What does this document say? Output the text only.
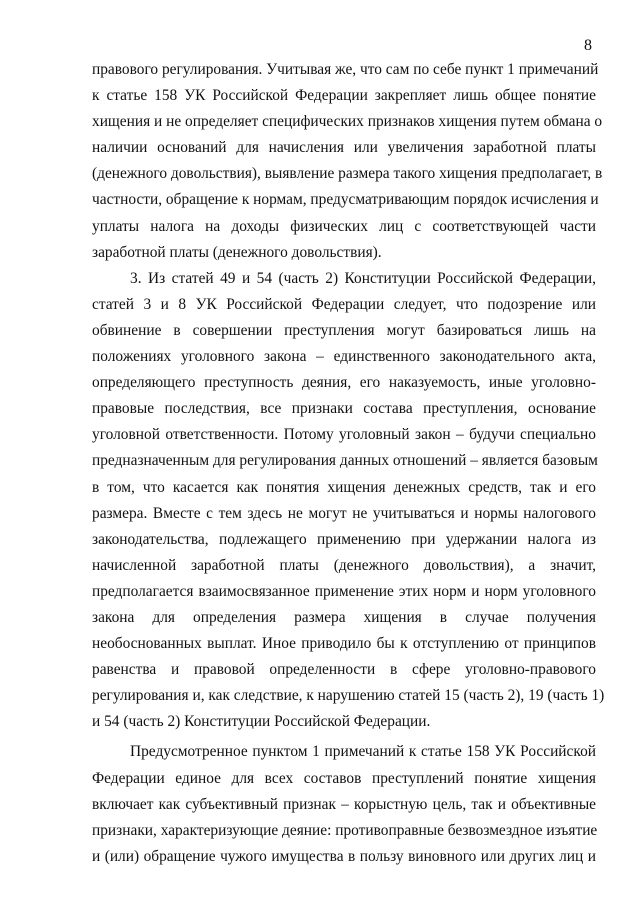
8
правового регулирования. Учитывая же, что сам по себе пункт 1 примечаний
к статье 158 УК Российской Федерации закрепляет лишь общее понятие
хищения и не определяет специфических признаков хищения путем обмана о
наличии оснований для начисления или увеличения заработной платы
(денежного довольствия), выявление размера такого хищения предполагает, в
частности, обращение к нормам, предусматривающим порядок исчисления и
уплаты налога на доходы физических лиц с соответствующей части
заработной платы (денежного довольствия).
3. Из статей 49 и 54 (часть 2) Конституции Российской Федерации,
статей 3 и 8 УК Российской Федерации следует, что подозрение или
обвинение в совершении преступления могут базироваться лишь на
положениях уголовного закона – единственного законодательного акта,
определяющего преступность деяния, его наказуемость, иные уголовно-
правовые последствия, все признаки состава преступления, основание
уголовной ответственности. Потому уголовный закон – будучи специально
предназначенным для регулирования данных отношений – является базовым
в том, что касается как понятия хищения денежных средств, так и его
размера. Вместе с тем здесь не могут не учитываться и нормы налогового
законодательства, подлежащего применению при удержании налога из
начисленной заработной платы (денежного довольствия), а значит,
предполагается взаимосвязанное применение этих норм и норм уголовного
закона для определения размера хищения в случае получения
необоснованных выплат. Иное приводило бы к отступлению от принципов
равенства и правовой определенности в сфере уголовно-правового
регулирования и, как следствие, к нарушению статей 15 (часть 2), 19 (часть 1)
и 54 (часть 2) Конституции Российской Федерации.
Предусмотренное пунктом 1 примечаний к статье 158 УК Российской
Федерации единое для всех составов преступлений понятие хищения
включает как субъективный признак – корыстную цель, так и объективные
признаки, характеризующие деяние: противоправные безвозмездное изъятие
и (или) обращение чужого имущества в пользу виновного или других лиц и
